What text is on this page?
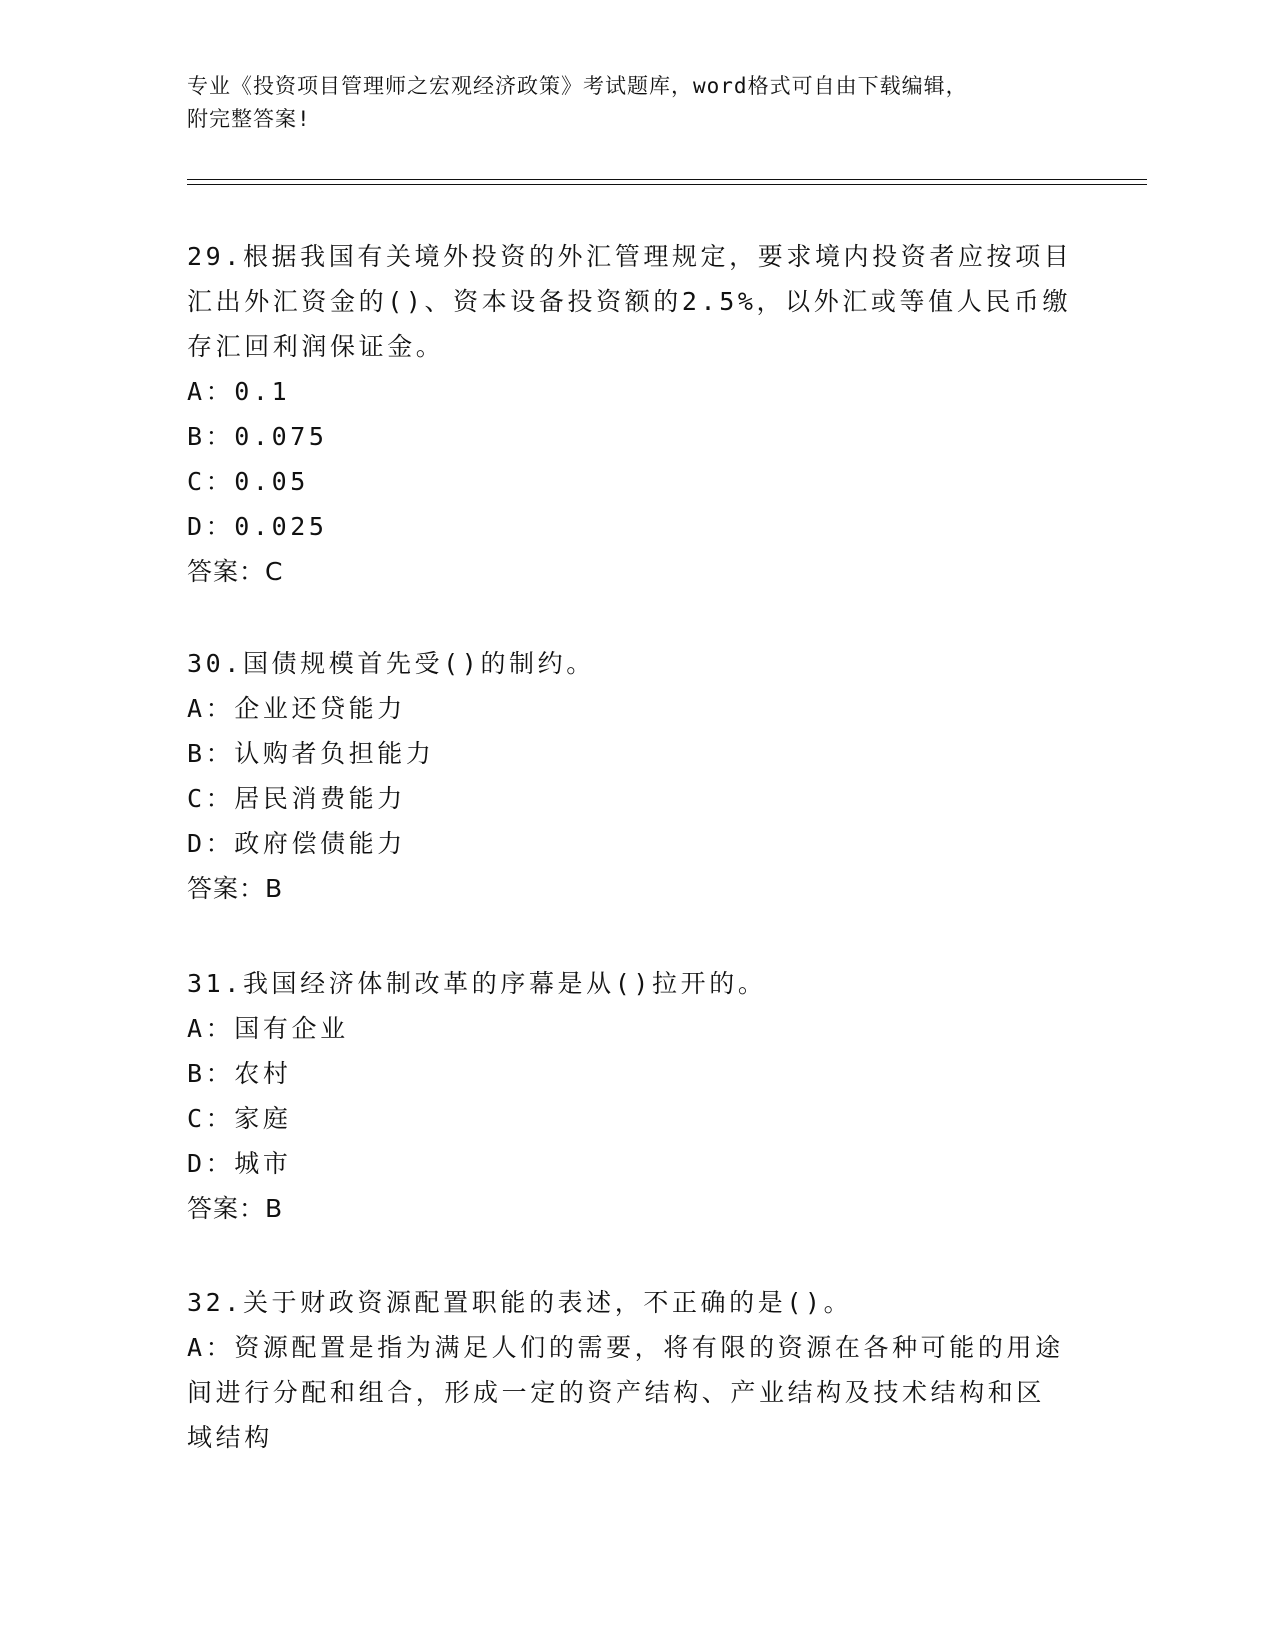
专业《投资项目管理师之宏观经济政策》考试题库，word格式可自由下载编辑，
附完整答案!

29.根据我国有关境外投资的外汇管理规定，要求境内投资者应按项目

汇出外汇资金的()、资本设备投资额的2.5%，以外汇或等值人民币缴

存汇回利润保证金。

A：0.1

B：0.075

C：0.05

D：0.025

答案：C

30.国债规模首先受()的制约。

A：企业还贷能力

B：认购者负担能力

C：居民消费能力

D：政府偿债能力

答案：B

31.我国经济体制改革的序幕是从()拉开的。

A：国有企业

B：农村

C：家庭

D：城市

答案：B

32.关于财政资源配置职能的表述，不正确的是()。

A：资源配置是指为满足人们的需要，将有限的资源在各种可能的用途

间进行分配和组合，形成一定的资产结构、产业结构及技术结构和区

域结构
